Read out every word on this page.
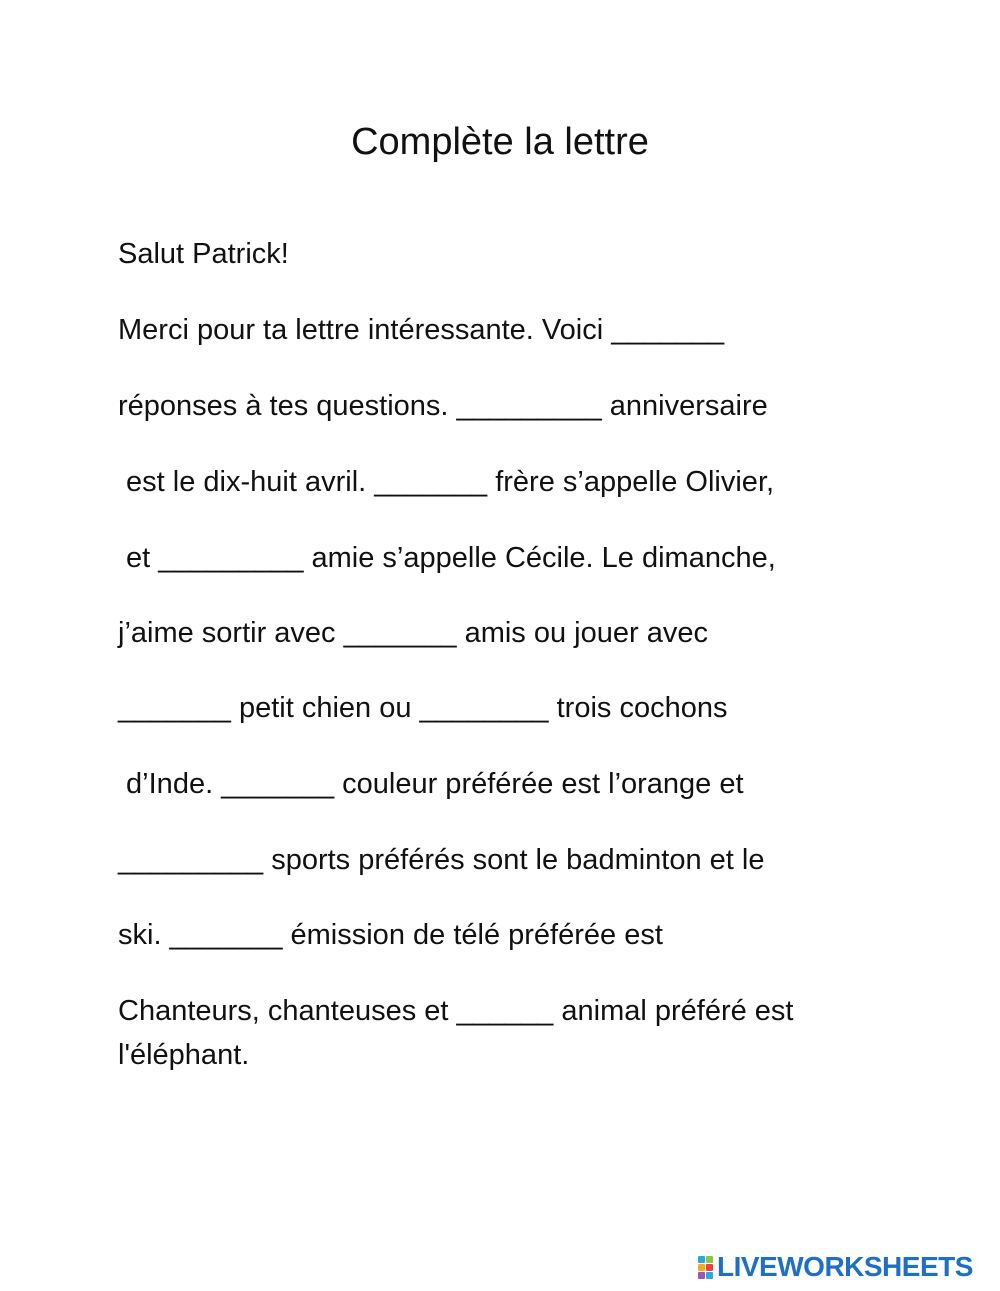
Complète la lettre
Salut Patrick!
Merci pour ta lettre intéressante. Voici _______
réponses à tes questions. _________ anniversaire
est le dix-huit avril. _______ frère s’appelle Olivier,
et _________ amie s’appelle Cécile. Le dimanche,
j’aime sortir avec _______ amis ou jouer avec
_______ petit chien ou ________ trois cochons
d’Inde. _______ couleur préférée est l’orange et
_________ sports préférés sont le badminton et le
ski. _______ émission de télé préférée est
Chanteurs, chanteuses et ______ animal préféré est
l'éléphant.
LIVEWORKSHEETS
